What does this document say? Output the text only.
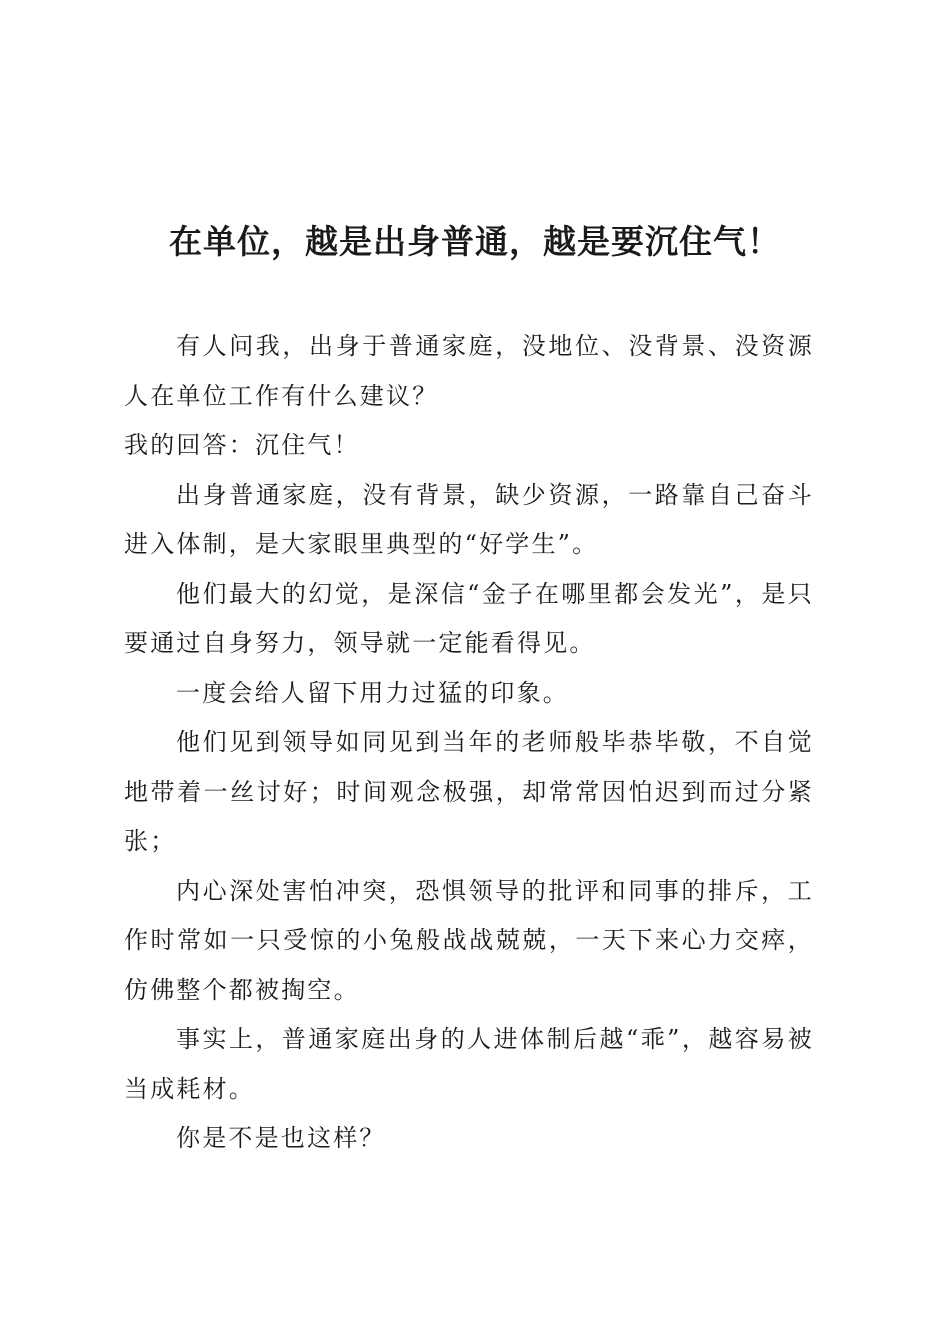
在单位，越是出身普通，越是要沉住气！

有人问我，出身于普通家庭，没地位、没背景、没资源人在单位工作有什么建议？

我的回答：沉住气！

出身普通家庭，没有背景，缺少资源，一路靠自己奋斗进入体制，是大家眼里典型的“好学生”。

他们最大的幻觉，是深信“金子在哪里都会发光”，是只要通过自身努力，领导就一定能看得见。

一度会给人留下用力过猛的印象。

他们见到领导如同见到当年的老师般毕恭毕敬，不自觉地带着一丝讨好；时间观念极强，却常常因怕迟到而过分紧张；

内心深处害怕冲突，恐惧领导的批评和同事的排斥，工作时常如一只受惊的小兔般战战兢兢，一天下来心力交瘁，仿佛整个都被掏空。

事实上，普通家庭出身的人进体制后越“乖”，越容易被当成耗材。

你是不是也这样？
